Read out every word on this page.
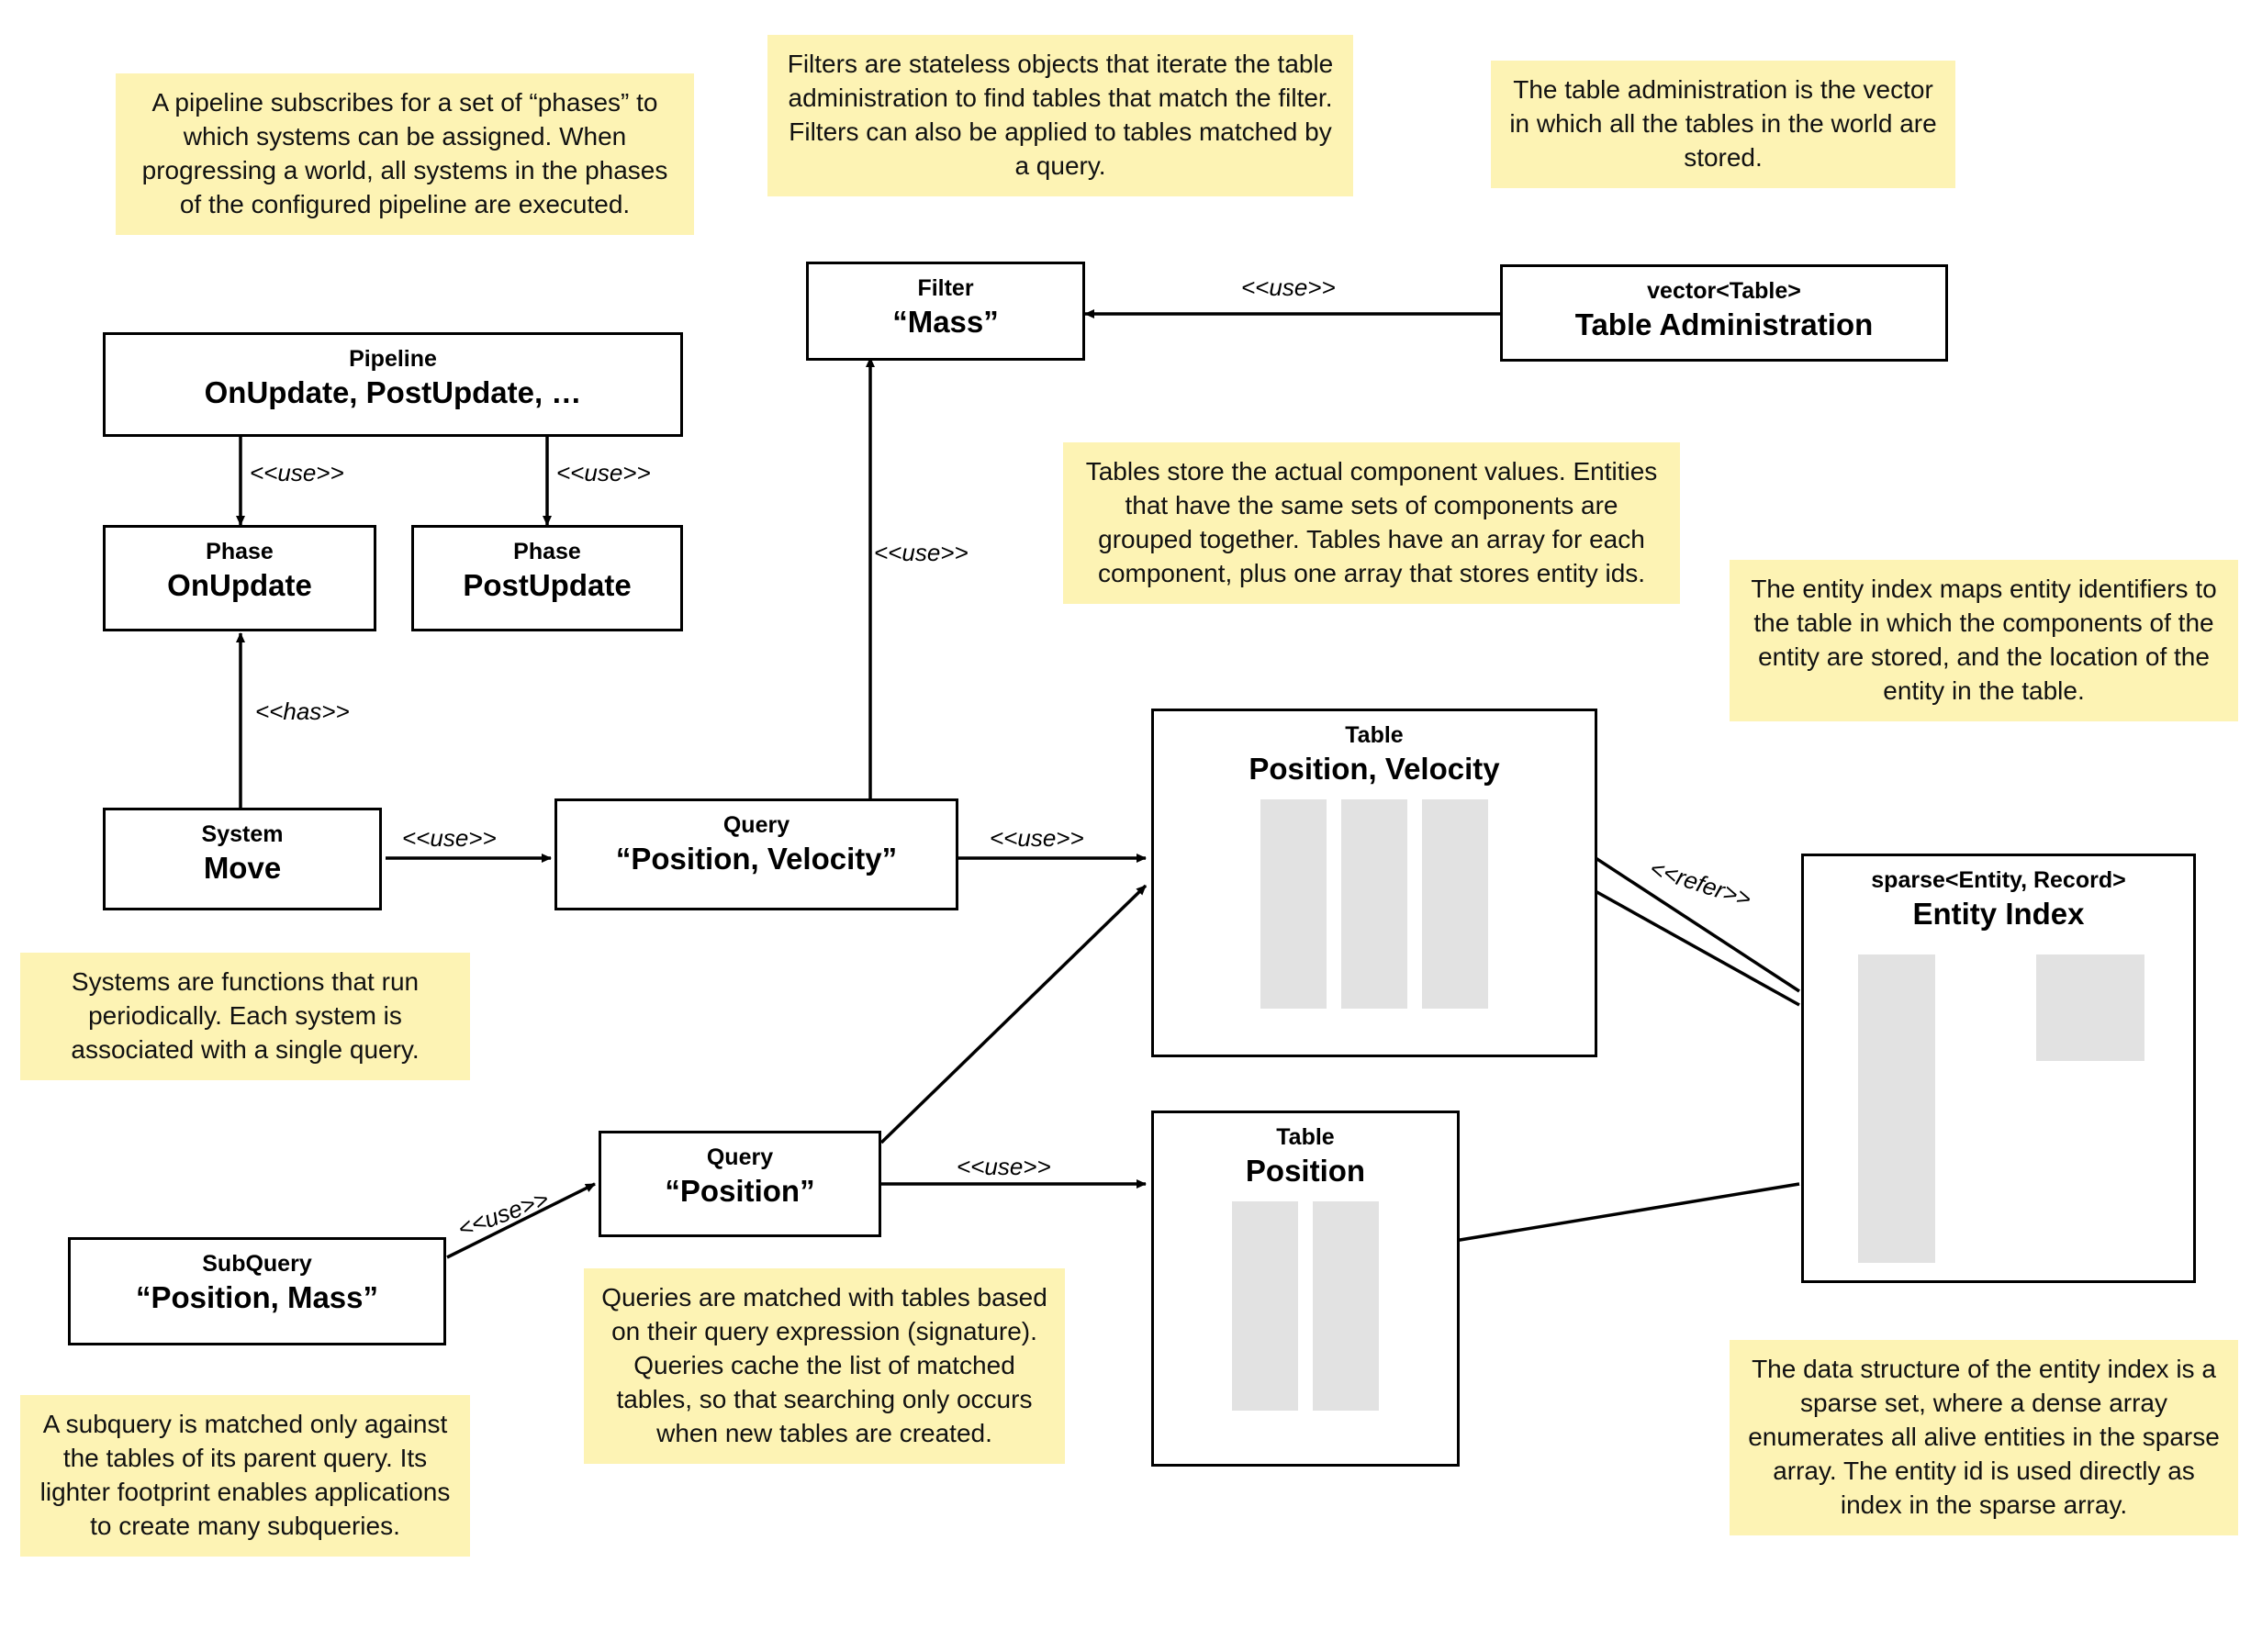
A pipeline subscribes for a set of “phases” to which systems can be assigned. When progressing a world, all systems in the phases of the configured pipeline are executed.
Filters are stateless objects that iterate the table administration to find tables that match the filter. Filters can also be applied to tables matched by a query.
The table administration is the vector in which all the tables in the world are stored.
Tables store the actual component values. Entities that have the same sets of components are grouped together. Tables have an array for each component, plus one array that stores entity ids.
The entity index maps entity identifiers to the table in which the components of the entity are stored, and the location of the entity in the table.
Systems are functions that run periodically. Each system is associated with a single query.
Queries are matched with tables based on their query expression (signature). Queries cache the list of matched tables, so that searching only occurs when new tables are created.
A subquery is matched only against the tables of its parent query. Its lighter footprint enables applications to create many subqueries.
The data structure of the entity index is a sparse set, where a dense array enumerates all alive entities in the sparse array. The entity id is used directly as index in the sparse array.
Filter
“Mass”
vector<Table>
Table Administration
Pipeline
OnUpdate, PostUpdate, …
Phase
OnUpdate
Phase
PostUpdate
System
Move
Query
“Position, Velocity”
Table
Position, Velocity
sparse<Entity, Record>
Entity Index
Table
Position
Query
“Position”
SubQuery
“Position, Mass”
<<use>>
<<use>>	<<use>>
<<has>>
<<use>>
<<use>>	<<use>>
<<refer>>
<<use>>
<<use>>
